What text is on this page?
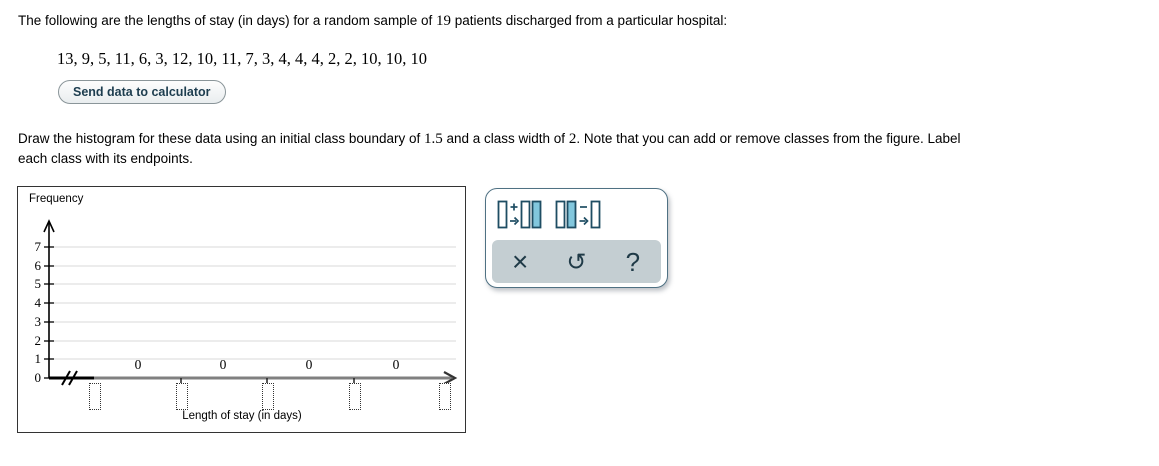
The following are the lengths of stay (in days) for a random sample of 19 patients discharged from a particular hospital:
13, 9, 5, 11, 6, 3, 12, 10, 11, 7, 3, 4, 4, 4, 2, 2, 10, 10, 10
Send data to calculator
Draw the histogram for these data using an initial class boundary of 1.5 and a class width of 2. Note that you can add or remove classes from the figure. Label
each class with its endpoints.
Frequency
7
6
5
4
3
2
1
0
0	0	0	0
Length of stay (in days)
× ↺ ?
